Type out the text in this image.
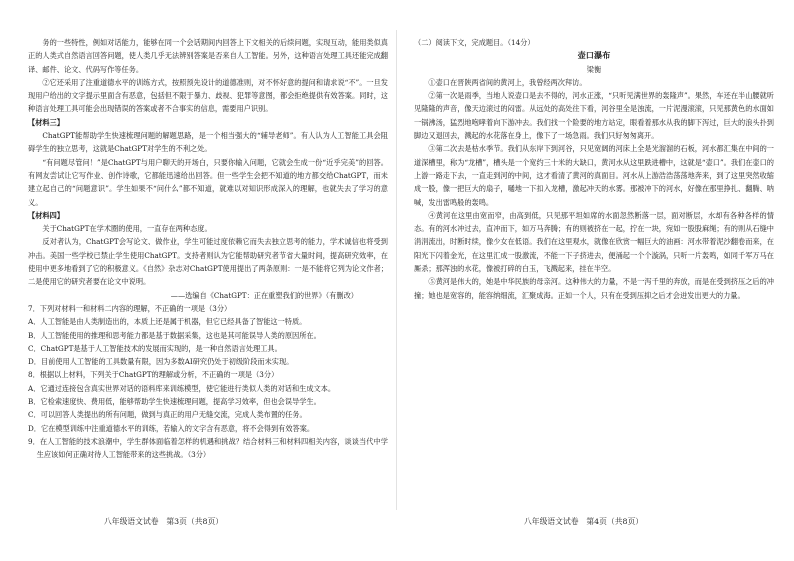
务的一些特性，例如对话能力，能够在同一个会话期间内回答上下文相关的后续问题，实现互动，能用类似真正的人类式自然语言回答问题，使人类几乎无法辨别答案是否来自人工智能。另外，这种语言处理工具还能完成翻译、邮件、论文、代码写作等任务。

②它还采用了注重道德水平的训练方式，按照预先设计的道德准则，对不怀好意的提问和请求说“不”。一旦发现用户给出的文字提示里面含有恶意，包括但不限于暴力、歧视、犯罪等意图，都会拒绝提供有效答案。同时，这种语言处理工具可能会出现错误的答案或者不合事实的信息，需要用户识别。

【材料三】

ChatGPT能帮助学生快速梳理问题的解题思路，是一个相当强大的“辅导老师”。有人认为人工智能工具会阻碍学生的独立思考，这就是ChatGPT对学生的不利之处。

“有问题尽管问！”是ChatGPT与用户聊天的开场白，只要你输入问题，它就会生成一份“近乎完美”的回答。有网友尝试让它写作业、创作诗歌，它都能迅速给出回答。但一些学生会把不知道的地方都交给ChatGPT，而未建立起自己的“问题意识”。学生如果不“问什么”都不知道，就难以对知识形成深入的理解，也就失去了学习的意义。

【材料四】

关于ChatGPT在学术圈的使用，一直存在两种态度。

反对者认为，ChatGPT会写论文、做作业，学生可能过度依赖它而失去独立思考的能力，学术诚信也将受到冲击。美国一些学校已禁止学生使用ChatGPT。支持者则认为它能帮助研究者节省大量时间，提高研究效率，在使用中更多地看到了它的积极意义。《自然》杂志对ChatGPT使用提出了两条原则：一是不能将它列为论文作者；二是使用它的研究者要在论文中说明。

——选编自《ChatGPT：正在重塑我们的世界》（有删改）

7．下列对材料一和材料二内容的理解，不正确的一项是（3分）

A．人工智能是由人类制造出的，本质上还是属于机器，但它已经具备了智能这一特质。

B．人工智能使用的推理和思考能力都是基于数据采集，这也是其可能误导人类的原因所在。

C．ChatGPT是基于人工智能技术的发展而实现的，是一种自然语言处理工具。

D．目前使用人工智能的工具数量有限，因为多数AI研究仍处于初级阶段而未实现。

8．根据以上材料，下列关于ChatGPT的理解或分析，不正确的一项是（3分）

A．它通过连接包含真实世界对话的语料库来训练模型，使它能进行类似人类的对话和生成文本。

B．它检索速度快、费用低，能够帮助学生快速梳理问题，提高学习效率，但也会误导学生。

C．可以回答人类提出的所有问题，做到与真正的用户无缝交流，完成人类布置的任务。

D．它在模型训练中注重道德水平的训练，若输入的文字含有恶意，将不会得到有效答案。

9．在人工智能的技术浪潮中，学生群体面临着怎样的机遇和挑战？结合材料三和材料四相关内容，谈谈当代中学生应该如何正确对待人工智能带来的这些挑战。（3分）

（二）阅读下文，完成题目。（14分）

壶口瀑布

梁衡

①壶口在晋陕两省间的黄河上，我曾经两次拜访。

②第一次是雨季，当地人说壶口是去不得的，河水正涨，“只听见满世界的轰隆声”。果然，车还在半山腰就听见隆隆的声音，像天边滚过的闷雷。从远处的高处往下看，河谷里全是浊流，一片泥漫滚滚，只见那黄色的水面如一锅沸汤，猛烈地咆哮着向下游冲去。我们找一个险要的地方站定，眼看着那水从我的脚下泻过，巨大的浪头扑到脚边又退回去，溅起的水花落在身上，像下了一场急雨。我们只好匆匆离开。

③第二次去是枯水季节。我们从东岸下到河谷，只见宽阔的河床上全是光溜溜的石板，河水都汇集在中间的一道深槽里，称为“龙槽”，槽头是一个宽约三十米的大缺口，黄河水从这里跌进槽中，这就是“壶口”。我们在壶口的上游一路走下去，一直走到河的中间，这才看清了黄河的真面目。河水从上游浩浩荡荡地奔来，到了这里突然收缩成一股，像一把巨大的扇子，嗵地一下扣入龙槽，激起冲天的水雾。那被冲下的河水，好像在那里挣扎、翻腾、呐喊，发出雷鸣般的轰鸣。

④黄河在这里由宽而窄，由高到低，只见那平坦如席的水面忽然断落一层，面对断层，水却有各种各样的情态。有的河水冲过去，直冲而下，如万马奔腾；有的则被挤在一起，拧在一块，宛如一股股麻绳；有的则从石缝中涓涓流出，时断时续，像少女在低语。我们在这里观水，就像在欣赏一幅巨大的油画：河水带着泥沙翻卷而来，在阳光下闪着金光，在这里汇成一股激流，不能一下子挤进去，便涌起一个个漩涡，只听一片轰鸣，如同千军万马在厮杀；那浑浊的水花，像被打碎的白玉，飞溅起来，挂在半空。

⑤黄河是伟大的，她是中华民族的母亲河。这种伟大的力量，不是一泻千里的奔放，而是在受到挤压之后的冲撞；她也是宽容的，能容纳细流，汇聚成海。正如一个人，只有在受到压抑之后才会迸发出更大的力量。

八年级语文试卷　第3页（共8页）	八年级语文试卷　第4页（共8页）
